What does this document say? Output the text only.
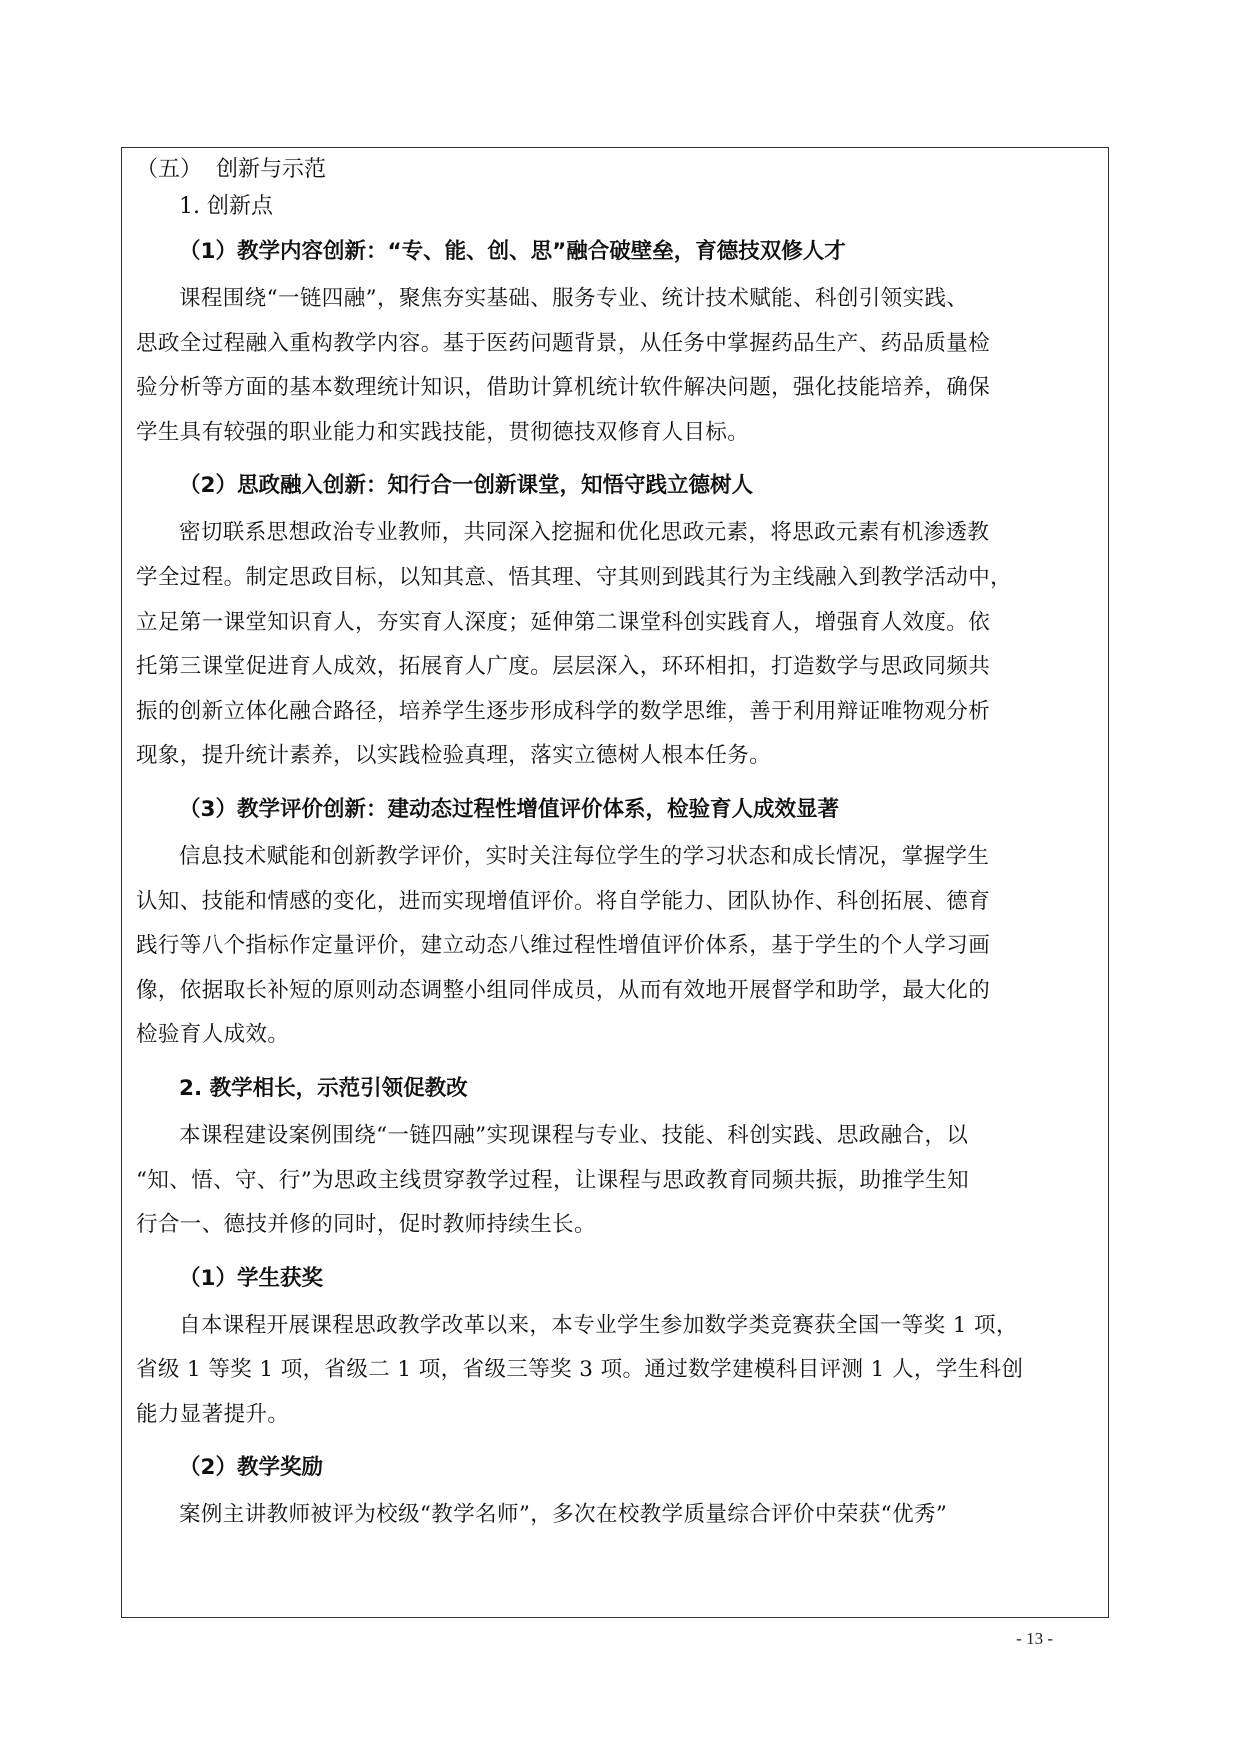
（五） 创新与示范
1. 创新点
（1）教学内容创新：“专、能、创、思”融合破壁垒，育德技双修人才
课程围绕“一链四融”，聚焦夯实基础、服务专业、统计技术赋能、科创引领实践、
思政全过程融入重构教学内容。基于医药问题背景，从任务中掌握药品生产、药品质量检
验分析等方面的基本数理统计知识，借助计算机统计软件解决问题，强化技能培养，确保
学生具有较强的职业能力和实践技能，贯彻德技双修育人目标。
（2）思政融入创新：知行合一创新课堂，知悟守践立德树人
密切联系思想政治专业教师，共同深入挖掘和优化思政元素，将思政元素有机渗透教
学全过程。制定思政目标，以知其意、悟其理、守其则到践其行为主线融入到教学活动中，
立足第一课堂知识育人，夯实育人深度；延伸第二课堂科创实践育人，增强育人效度。依
托第三课堂促进育人成效，拓展育人广度。层层深入，环环相扣，打造数学与思政同频共
振的创新立体化融合路径，培养学生逐步形成科学的数学思维，善于利用辩证唯物观分析
现象，提升统计素养，以实践检验真理，落实立德树人根本任务。
（3）教学评价创新：建动态过程性增值评价体系，检验育人成效显著
信息技术赋能和创新教学评价，实时关注每位学生的学习状态和成长情况，掌握学生
认知、技能和情感的变化，进而实现增值评价。将自学能力、团队协作、科创拓展、德育
践行等八个指标作定量评价，建立动态八维过程性增值评价体系，基于学生的个人学习画
像，依据取长补短的原则动态调整小组同伴成员，从而有效地开展督学和助学，最大化的
检验育人成效。
2. 教学相长，示范引领促教改
本课程建设案例围绕“一链四融”实现课程与专业、技能、科创实践、思政融合，以
“知、悟、守、行”为思政主线贯穿教学过程，让课程与思政教育同频共振，助推学生知
行合一、德技并修的同时，促时教师持续生长。
（1）学生获奖
自本课程开展课程思政教学改革以来，本专业学生参加数学类竞赛获全国一等奖 1 项，
省级 1 等奖 1 项，省级二 1 项，省级三等奖 3 项。通过数学建模科目评测 1 人，学生科创
能力显著提升。
（2）教学奖励
案例主讲教师被评为校级“教学名师”，多次在校教学质量综合评价中荣获“优秀”
- 13 -
